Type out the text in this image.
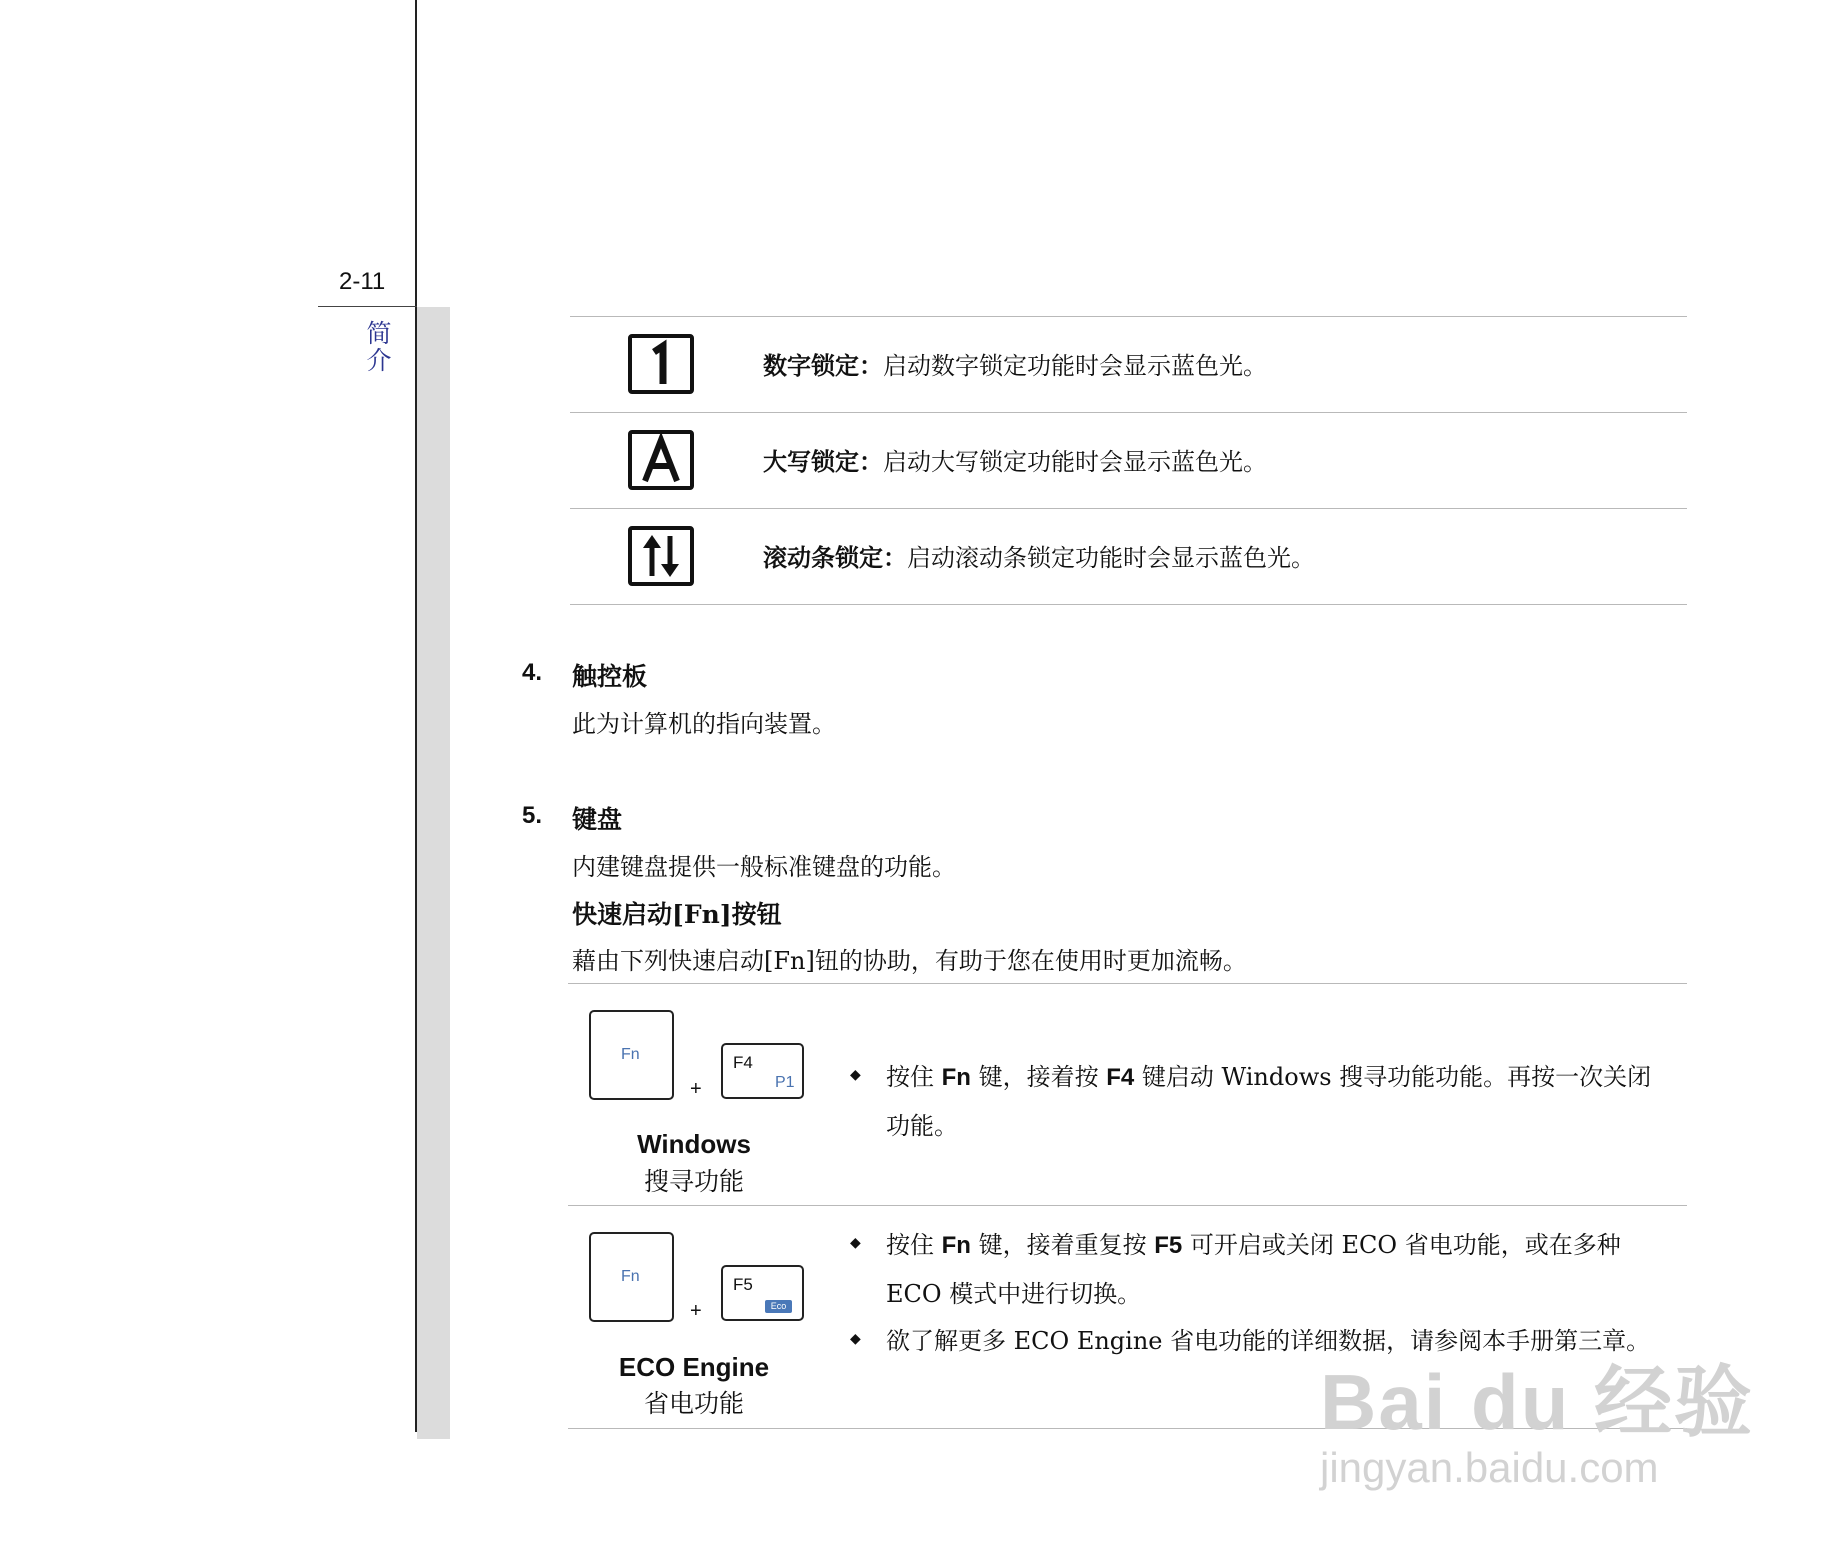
2-11
简介	数字锁定：启动数字锁定功能时会显示蓝色光。
大写锁定：启动大写锁定功能时会显示蓝色光。
滚动条锁定：启动滚动条锁定功能时会显示蓝色光。
4. 触控板
此为计算机的指向装置。
5. 键盘
内建键盘提供一般标准键盘的功能。
快速启动[Fn]按钮
藉由下列快速启动[Fn]钮的协助，有助于您在使用时更加流畅。
Fn
+
F4
P1
Windows
搜寻功能
◆ 按住 Fn 键，接着按 F4 键启动 Windows 搜寻功能功能。再按一次关闭功能。
Fn
+
F5
Eco
ECO Engine
省电功能
◆ 按住 Fn 键，接着重复按 F5 可开启或关闭 ECO 省电功能，或在多种 ECO 模式中进行切换。
◆ 欲了解更多 ECO Engine 省电功能的详细数据，请参阅本手册第三章。
Bai du 经验
jingyan.baidu.com
